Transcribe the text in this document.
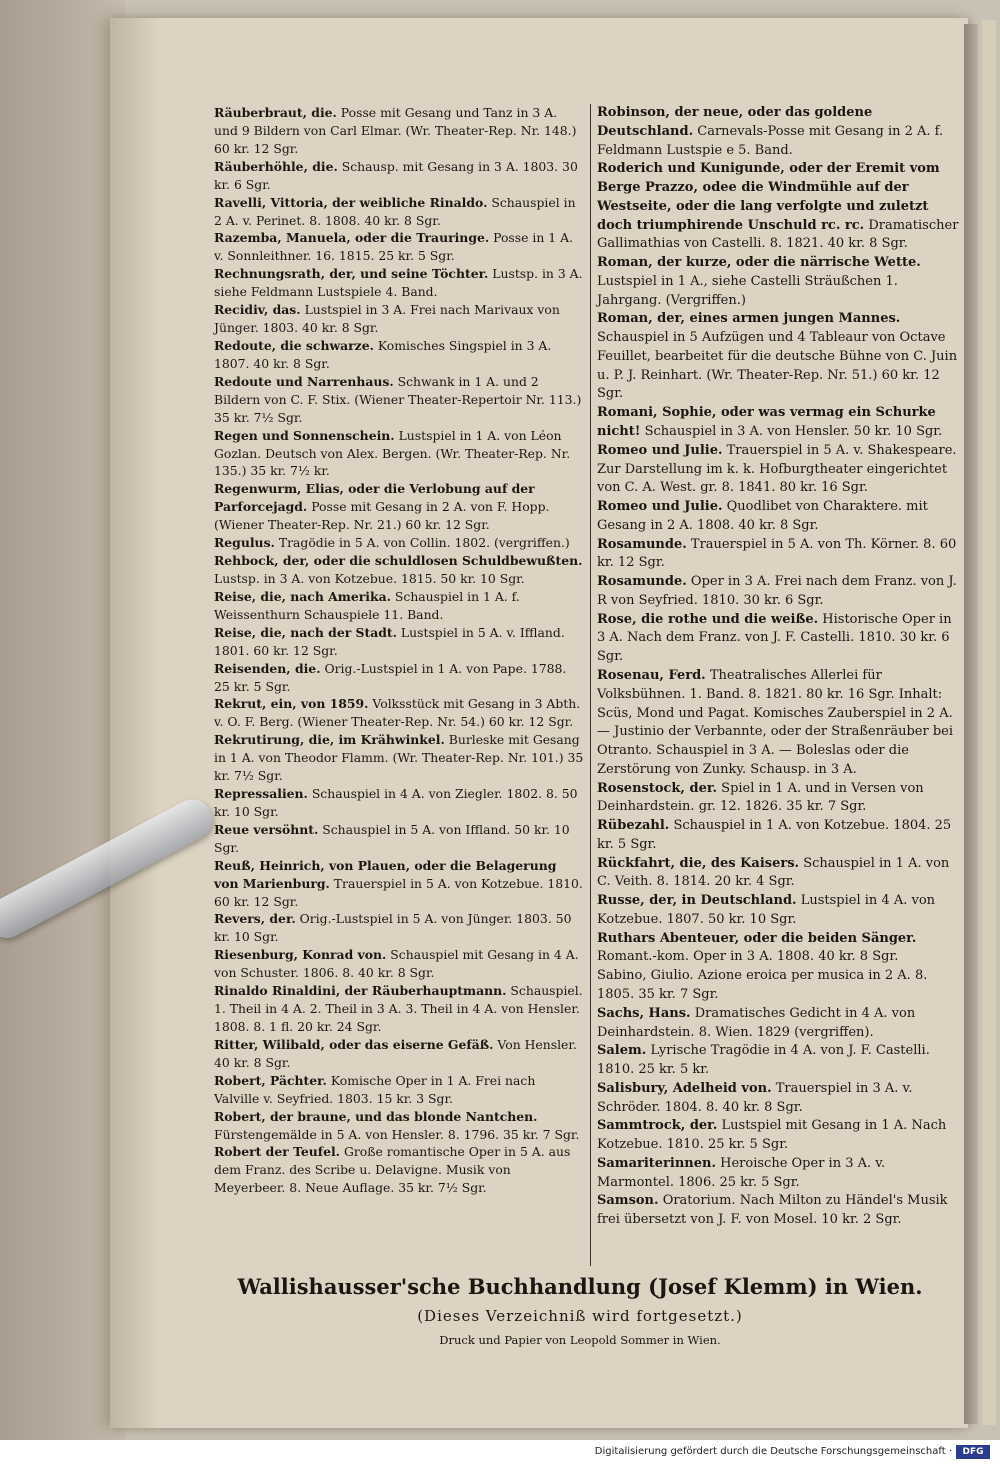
Räuberbraut, die. Posse mit Gesang und Tanz in 3 A. und 9 Bildern von Carl Elmar. (Wr. Theater-Rep. Nr. 148.) 60 kr. 12 Sgr.

Räuberhöhle, die. Schausp. mit Gesang in 3 A. 1803. 30 kr. 6 Sgr.

Ravelli, Vittoria, der weibliche Rinaldo. Schauspiel in 2 A. v. Perinet. 8. 1808. 40 kr. 8 Sgr.

Razemba, Manuela, oder die Trauringe. Posse in 1 A. v. Sonnleithner. 16. 1815. 25 kr. 5 Sgr.

Rechnungsrath, der, und seine Töchter. Lustsp. in 3 A. siehe Feldmann Lustspiele 4. Band.

Recidiv, das. Lustspiel in 3 A. Frei nach Marivaux von Jünger. 1803. 40 kr. 8 Sgr.

Redoute, die schwarze. Komisches Singspiel in 3 A. 1807. 40 kr. 8 Sgr.

Redoute und Narrenhaus. Schwank in 1 A. und 2 Bildern von C. F. Stix. (Wiener Theater-Repertoir Nr. 113.) 35 kr. 7½ Sgr.

Regen und Sonnenschein. Lustspiel in 1 A. von Léon Gozlan. Deutsch von Alex. Bergen. (Wr. Theater-Rep. Nr. 135.) 35 kr. 7½ kr.

Regenwurm, Elias, oder die Verlobung auf der Parforcejagd. Posse mit Gesang in 2 A. von F. Hopp. (Wiener Theater-Rep. Nr. 21.) 60 kr. 12 Sgr.

Regulus. Tragödie in 5 A. von Collin. 1802. (vergriffen.)

Rehbock, der, oder die schuldlosen Schuldbewußten. Lustsp. in 3 A. von Kotzebue. 1815. 50 kr. 10 Sgr.

Reise, die, nach Amerika. Schauspiel in 1 A. f. Weissenthurn Schauspiele 11. Band.

Reise, die, nach der Stadt. Lustspiel in 5 A. v. Iffland. 1801. 60 kr. 12 Sgr.

Reisenden, die. Orig.-Lustspiel in 1 A. von Pape. 1788. 25 kr. 5 Sgr.

Rekrut, ein, von 1859. Volksstück mit Gesang in 3 Abth. v. O. F. Berg. (Wiener Theater-Rep. Nr. 54.) 60 kr. 12 Sgr.

Rekrutirung, die, im Krähwinkel. Burleske mit Gesang in 1 A. von Theodor Flamm. (Wr. Theater-Rep. Nr. 101.) 35 kr. 7½ Sgr.

Repressalien. Schauspiel in 4 A. von Ziegler. 1802. 8. 50 kr. 10 Sgr.

Reue versöhnt. Schauspiel in 5 A. von Iffland. 50 kr. 10 Sgr.

Reuß, Heinrich, von Plauen, oder die Belagerung von Marienburg. Trauerspiel in 5 A. von Kotzebue. 1810. 60 kr. 12 Sgr.

Revers, der. Orig.-Lustspiel in 5 A. von Jünger. 1803. 50 kr. 10 Sgr.

Riesenburg, Konrad von. Schauspiel mit Gesang in 4 A. von Schuster. 1806. 8. 40 kr. 8 Sgr.

Rinaldo Rinaldini, der Räuberhauptmann. Schauspiel. 1. Theil in 4 A. 2. Theil in 3 A. 3. Theil in 4 A. von Hensler. 1808. 8. 1 fl. 20 kr. 24 Sgr.

Ritter, Wilibald, oder das eiserne Gefäß. Von Hensler. 40 kr. 8 Sgr.

Robert, Pächter. Komische Oper in 1 A. Frei nach Valville v. Seyfried. 1803. 15 kr. 3 Sgr.

Robert, der braune, und das blonde Nantchen. Fürstengemälde in 5 A. von Hensler. 8. 1796. 35 kr. 7 Sgr.

Robert der Teufel. Große romantische Oper in 5 A. aus dem Franz. des Scribe u. Delavigne. Musik von Meyerbeer. 8. Neue Auflage. 35 kr. 7½ Sgr.

Robinson, der neue, oder das goldene Deutschland. Carnevals-Posse mit Gesang in 2 A. f. Feldmann Lustspie e 5. Band.

Roderich und Kunigunde, oder der Eremit vom Berge Prazzo, odee die Windmühle auf der Westseite, oder die lang verfolgte und zuletzt doch triumphirende Unschuld rc. rc. Dramatischer Gallimathias von Castelli. 8. 1821. 40 kr. 8 Sgr.

Roman, der kurze, oder die närrische Wette. Lustspiel in 1 A., siehe Castelli Sträußchen 1. Jahrgang. (Vergriffen.)

Roman, der, eines armen jungen Mannes. Schauspiel in 5 Aufzügen und 4 Tableaur von Octave Feuillet, bearbeitet für die deutsche Bühne von C. Juin u. P. J. Reinhart. (Wr. Theater-Rep. Nr. 51.) 60 kr. 12 Sgr.

Romani, Sophie, oder was vermag ein Schurke nicht! Schauspiel in 3 A. von Hensler. 50 kr. 10 Sgr.

Romeo und Julie. Trauerspiel in 5 A. v. Shakespeare. Zur Darstellung im k. k. Hofburgtheater eingerichtet von C. A. West. gr. 8. 1841. 80 kr. 16 Sgr.

Romeo und Julie. Quodlibet von Charaktere. mit Gesang in 2 A. 1808. 40 kr. 8 Sgr.

Rosamunde. Trauerspiel in 5 A. von Th. Körner. 8. 60 kr. 12 Sgr.

Rosamunde. Oper in 3 A. Frei nach dem Franz. von J. R von Seyfried. 1810. 30 kr. 6 Sgr.

Rose, die rothe und die weiße. Historische Oper in 3 A. Nach dem Franz. von J. F. Castelli. 1810. 30 kr. 6 Sgr.

Rosenau, Ferd. Theatralisches Allerlei für Volksbühnen. 1. Band. 8. 1821. 80 kr. 16 Sgr. Inhalt: Scüs, Mond und Pagat. Komisches Zauberspiel in 2 A. — Justinio der Verbannte, oder der Straßenräuber bei Otranto. Schauspiel in 3 A. — Boleslas oder die Zerstörung von Zunky. Schausp. in 3 A.

Rosenstock, der. Spiel in 1 A. und in Versen von Deinhardstein. gr. 12. 1826. 35 kr. 7 Sgr.

Rübezahl. Schauspiel in 1 A. von Kotzebue. 1804. 25 kr. 5 Sgr.

Rückfahrt, die, des Kaisers. Schauspiel in 1 A. von C. Veith. 8. 1814. 20 kr. 4 Sgr.

Russe, der, in Deutschland. Lustspiel in 4 A. von Kotzebue. 1807. 50 kr. 10 Sgr.

Ruthars Abenteuer, oder die beiden Sänger. Romant.-kom. Oper in 3 A. 1808. 40 kr. 8 Sgr.

Sabino, Giulio. Azione eroica per musica in 2 A. 8. 1805. 35 kr. 7 Sgr.

Sachs, Hans. Dramatisches Gedicht in 4 A. von Deinhardstein. 8. Wien. 1829 (vergriffen).

Salem. Lyrische Tragödie in 4 A. von J. F. Castelli. 1810. 25 kr. 5 kr.

Salisbury, Adelheid von. Trauerspiel in 3 A. v. Schröder. 1804. 8. 40 kr. 8 Sgr.

Sammtrock, der. Lustspiel mit Gesang in 1 A. Nach Kotzebue. 1810. 25 kr. 5 Sgr.

Samariterinnen. Heroische Oper in 3 A. v. Marmontel. 1806. 25 kr. 5 Sgr.

Samson. Oratorium. Nach Milton zu Händel's Musik frei übersetzt von J. F. von Mosel. 10 kr. 2 Sgr.

Wallishausser'sche Buchhandlung (Josef Klemm) in Wien.
(Dieses Verzeichniß wird fortgesetzt.)
Druck und Papier von Leopold Sommer in Wien.
Digitalisierung gefördert durch die Deutsche Forschungsgemeinschaft ·	DFG
